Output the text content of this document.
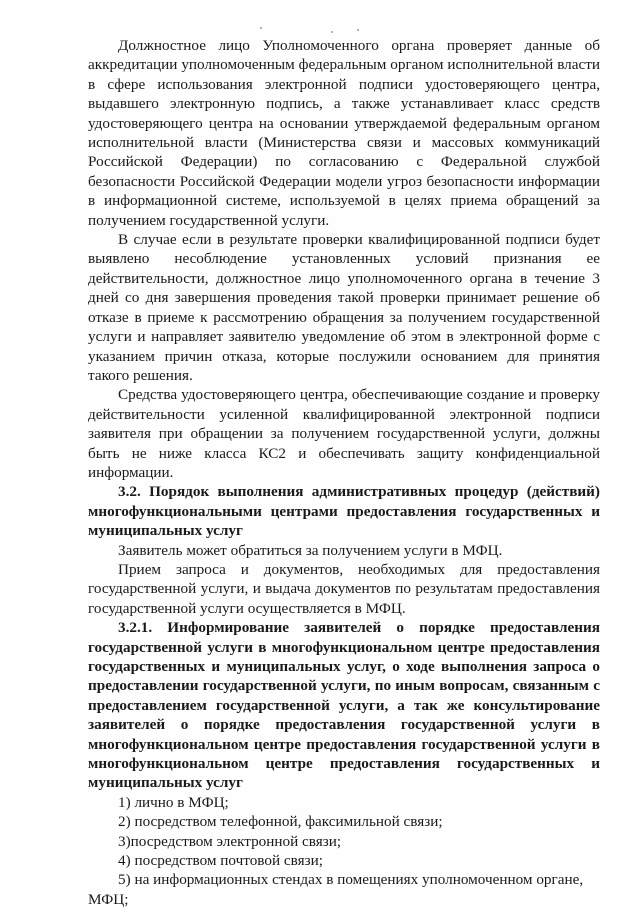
Должностное лицо Уполномоченного органа проверяет данные об аккредитации уполномоченным федеральным органом исполнительной власти в сфере использования электронной подписи удостоверяющего центра, выдавшего электронную подпись, а также устанавливает класс средств удостоверяющего центра на основании утверждаемой федеральным органом исполнительной власти (Министерства связи и массовых коммуникаций Российской Федерации) по согласованию с Федеральной службой безопасности Российской Федерации модели угроз безопасности информации в информационной системе, используемой в целях приема обращений за получением государственной услуги.

В случае если в результате проверки квалифицированной подписи будет выявлено несоблюдение установленных условий признания ее действительности, должностное лицо уполномоченного органа в течение 3 дней со дня завершения проведения такой проверки принимает решение об отказе в приеме к рассмотрению обращения за получением государственной услуги и направляет заявителю уведомление об этом в электронной форме с указанием причин отказа, которые послужили основанием для принятия такого решения.

Средства удостоверяющего центра, обеспечивающие создание и проверку действительности усиленной квалифицированной электронной подписи заявителя при обращении за получением государственной услуги, должны быть не ниже класса КС2 и обеспечивать защиту конфиденциальной информации.

3.2. Порядок выполнения административных процедур (действий) многофункциональными центрами предоставления государственных и муниципальных услуг

Заявитель может обратиться за получением услуги в МФЦ.

Прием запроса и документов, необходимых для предоставления государственной услуги, и выдача документов по результатам предоставления государственной услуги осуществляется в МФЦ.

3.2.1. Информирование заявителей о порядке предоставления государственной услуги в многофункциональном центре предоставления государственных и муниципальных услуг, о ходе выполнения запроса о предоставлении государственной услуги, по иным вопросам, связанным с предоставлением государственной услуги, а так же консультирование заявителей о порядке предоставления государственной услуги в многофункциональном центре предоставления государственной услуги в многофункциональном центре предоставления государственных и муниципальных услуг

1) лично в МФЦ;

2) посредством телефонной, факсимильной связи;

3)посредством электронной связи;

4) посредством почтовой связи;

5) на информационных стендах в помещениях уполномоченном органе, МФЦ;
